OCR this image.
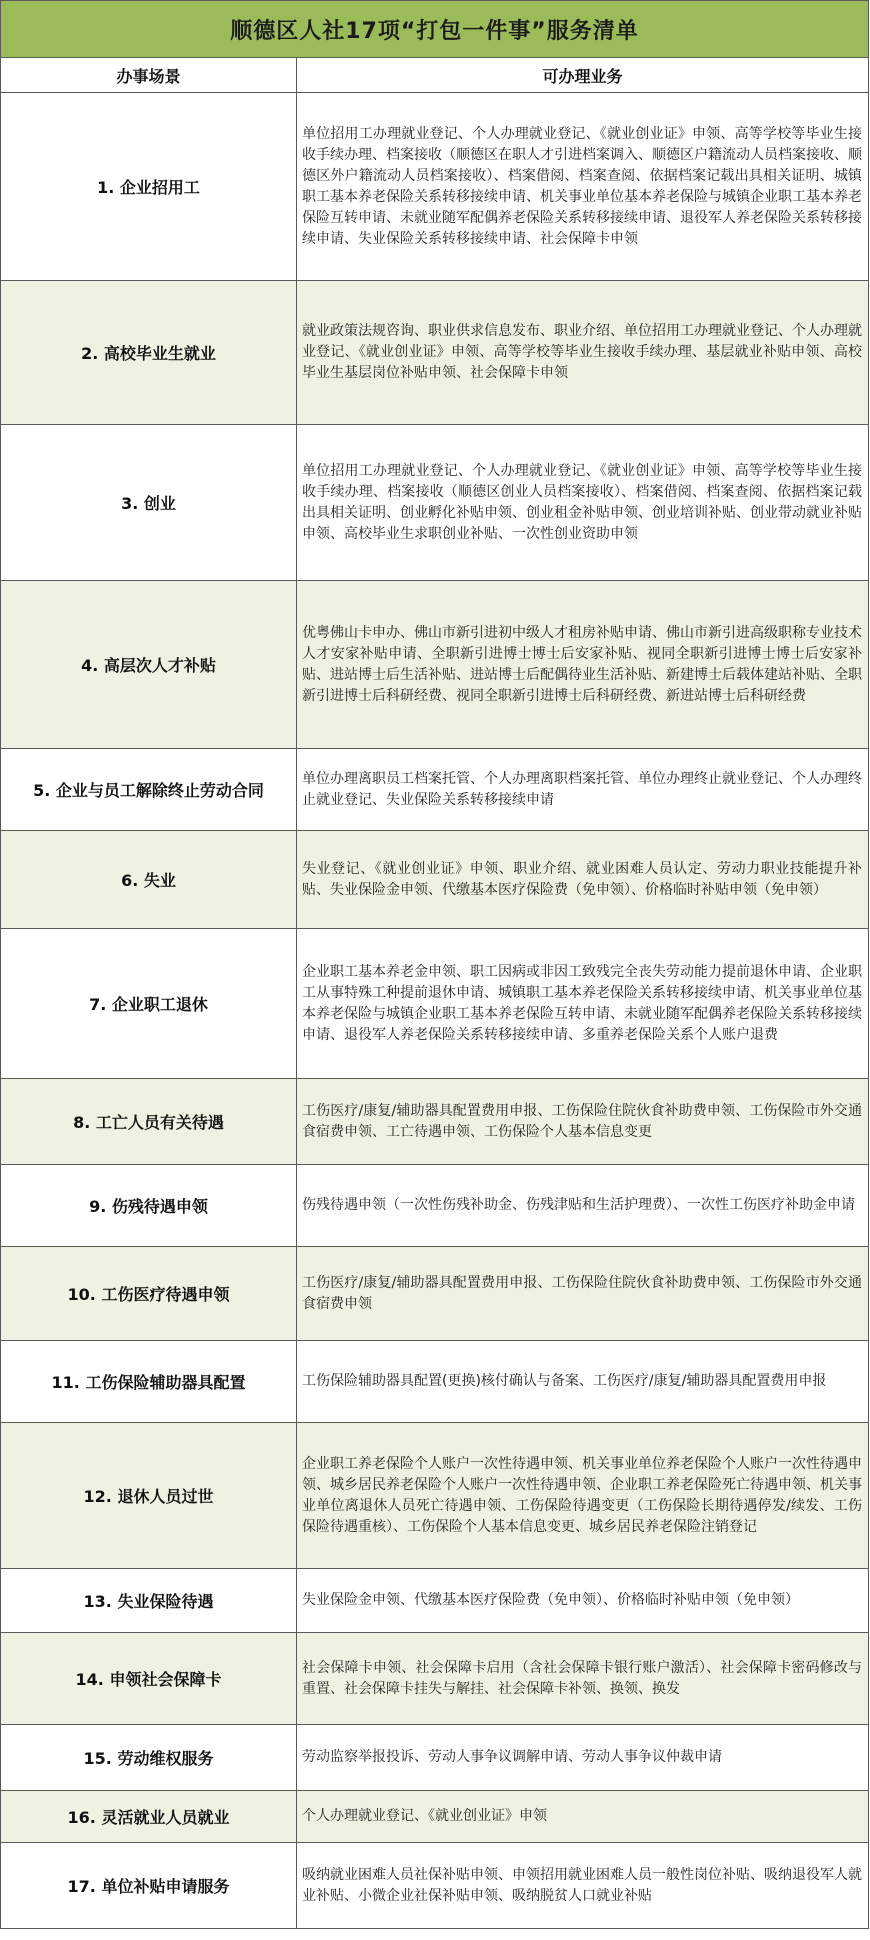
顺德区人社17项“打包一件事”服务清单	
办事场景	可办理业务
1. 企业招用工	单位招用工办理就业登记、个人办理就业登记、《就业创业证》申领、高等学校等毕业生接收手续办理、档案接收（顺德区在职人才引进档案调入、顺德区户籍流动人员档案接收、顺德区外户籍流动人员档案接收）、档案借阅、档案查阅、依据档案记载出具相关证明、城镇职工基本养老保险关系转移接续申请、机关事业单位基本养老保险与城镇企业职工基本养老保险互转申请、未就业随军配偶养老保险关系转移接续申请、退役军人养老保险关系转移接续申请、失业保险关系转移接续申请、社会保障卡申领
2. 高校毕业生就业	就业政策法规咨询、职业供求信息发布、职业介绍、单位招用工办理就业登记、个人办理就业登记、《就业创业证》申领、高等学校等毕业生接收手续办理、基层就业补贴申领、高校毕业生基层岗位补贴申领、社会保障卡申领
3. 创业	单位招用工办理就业登记、个人办理就业登记、《就业创业证》申领、高等学校等毕业生接收手续办理、档案接收（顺德区创业人员档案接收）、档案借阅、档案查阅、依据档案记载出具相关证明、创业孵化补贴申领、创业租金补贴申领、创业培训补贴、创业带动就业补贴申领、高校毕业生求职创业补贴、一次性创业资助申领
4. 高层次人才补贴	优粤佛山卡申办、佛山市新引进初中级人才租房补贴申请、佛山市新引进高级职称专业技术人才安家补贴申请、全职新引进博士博士后安家补贴、视同全职新引进博士博士后安家补贴、进站博士后生活补贴、进站博士后配偶待业生活补贴、新建博士后载体建站补贴、全职新引进博士后科研经费、视同全职新引进博士后科研经费、新进站博士后科研经费
5. 企业与员工解除终止劳动合同	单位办理离职员工档案托管、个人办理离职档案托管、单位办理终止就业登记、个人办理终止就业登记、失业保险关系转移接续申请
6. 失业	失业登记、《就业创业证》申领、职业介绍、就业困难人员认定、劳动力职业技能提升补贴、失业保险金申领、代缴基本医疗保险费（免申领）、价格临时补贴申领（免申领）
7. 企业职工退休	企业职工基本养老金申领、职工因病或非因工致残完全丧失劳动能力提前退休申请、企业职工从事特殊工种提前退休申请、城镇职工基本养老保险关系转移接续申请、机关事业单位基本养老保险与城镇企业职工基本养老保险互转申请、未就业随军配偶养老保险关系转移接续申请、退役军人养老保险关系转移接续申请、多重养老保险关系个人账户退费
8. 工亡人员有关待遇	工伤医疗/康复/辅助器具配置费用申报、工伤保险住院伙食补助费申领、工伤保险市外交通食宿费申领、工亡待遇申领、工伤保险个人基本信息变更
9. 伤残待遇申领	伤残待遇申领（一次性伤残补助金、伤残津贴和生活护理费）、一次性工伤医疗补助金申请
10. 工伤医疗待遇申领	工伤医疗/康复/辅助器具配置费用申报、工伤保险住院伙食补助费申领、工伤保险市外交通食宿费申领
11. 工伤保险辅助器具配置	工伤保险辅助器具配置(更换)核付确认与备案、工伤医疗/康复/辅助器具配置费用申报
12. 退休人员过世	企业职工养老保险个人账户一次性待遇申领、机关事业单位养老保险个人账户一次性待遇申领、城乡居民养老保险个人账户一次性待遇申领、企业职工养老保险死亡待遇申领、机关事业单位离退休人员死亡待遇申领、工伤保险待遇变更（工伤保险长期待遇停发/续发、工伤保险待遇重核）、工伤保险个人基本信息变更、城乡居民养老保险注销登记
13. 失业保险待遇	失业保险金申领、代缴基本医疗保险费（免申领）、价格临时补贴申领（免申领）
14. 申领社会保障卡	社会保障卡申领、社会保障卡启用（含社会保障卡银行账户激活）、社会保障卡密码修改与重置、社会保障卡挂失与解挂、社会保障卡补领、换领、换发
15. 劳动维权服务	劳动监察举报投诉、劳动人事争议调解申请、劳动人事争议仲裁申请
16. 灵活就业人员就业	个人办理就业登记、《就业创业证》申领
17. 单位补贴申请服务	吸纳就业困难人员社保补贴申领、申领招用就业困难人员一般性岗位补贴、吸纳退役军人就业补贴、小微企业社保补贴申领、吸纳脱贫人口就业补贴
